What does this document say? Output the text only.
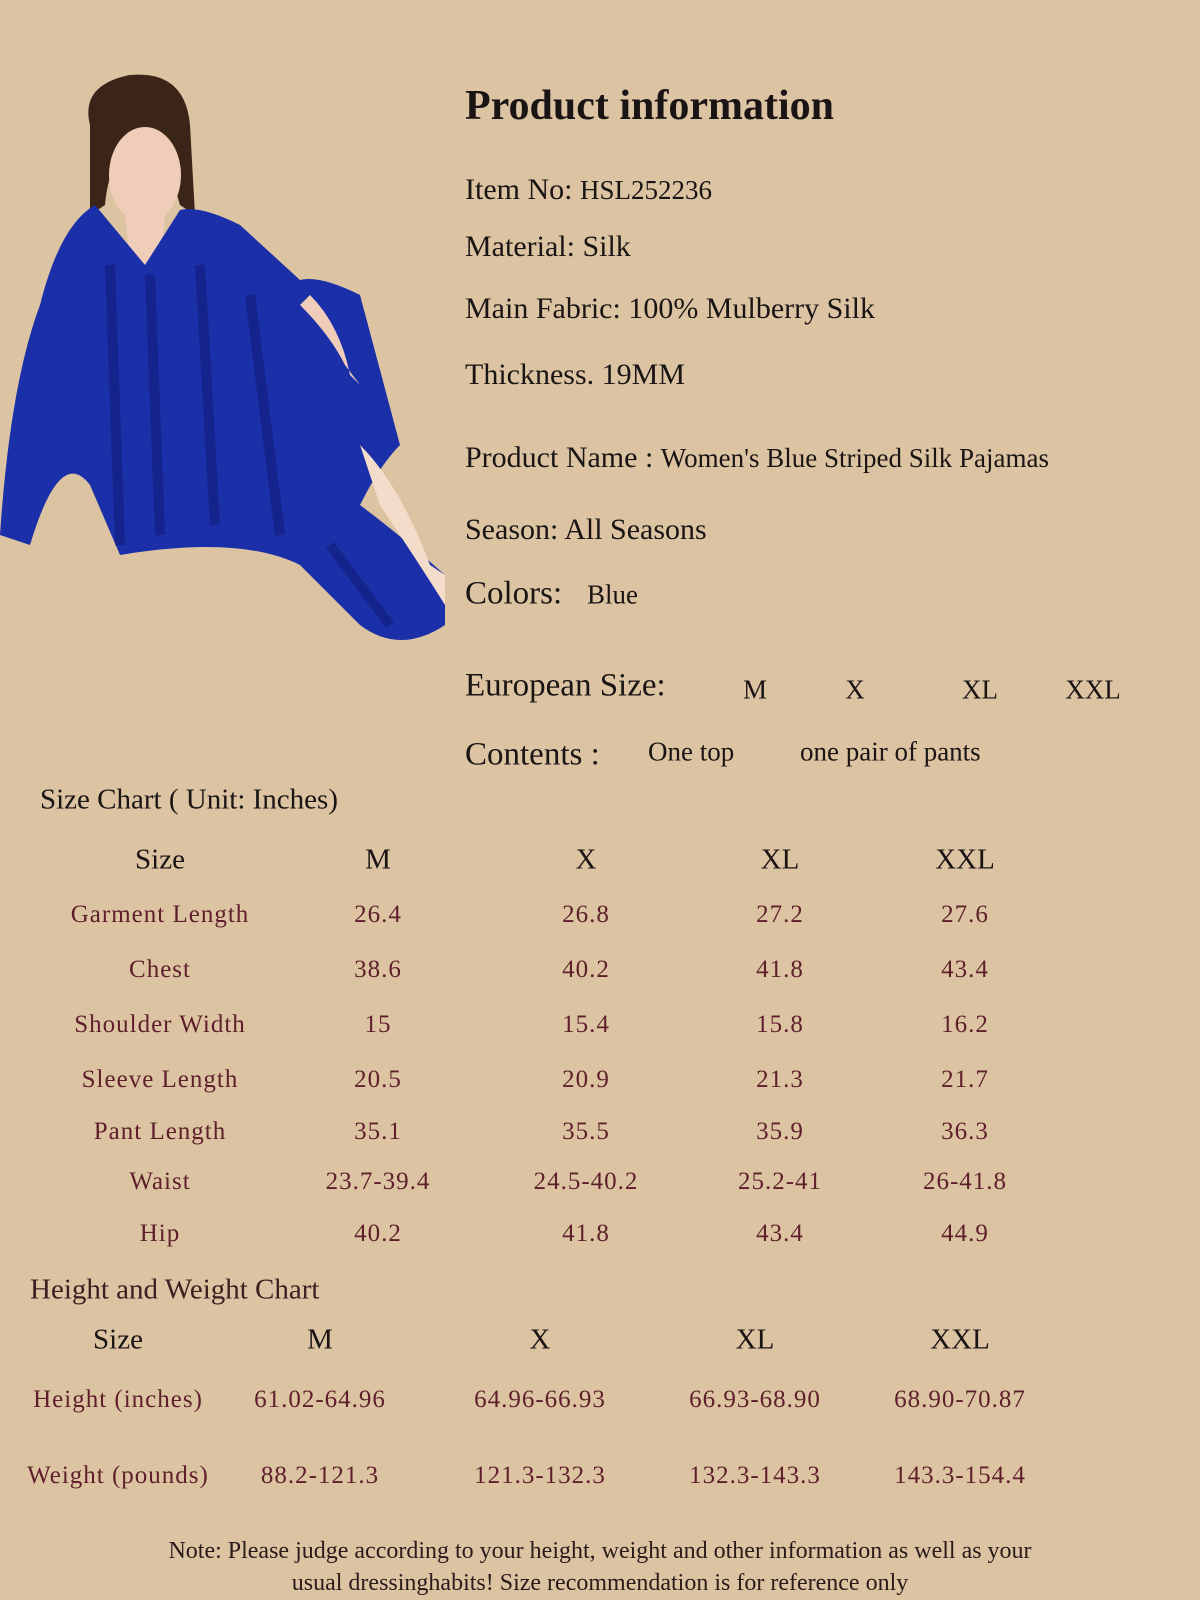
Product information
Item No: HSL252236
Material: Silk
Main Fabric: 100% Mulberry Silk
Thickness. 19MM
Product Name : Women's Blue Striped Silk Pajamas
Season: All Seasons
Colors: Blue
European Size:	M	X	XL XXL
Contents : One top one pair of pants
Size Chart ( Unit: Inches)
Size	M	X	XL	XXL
Garment Length	26.4	26.8	27.2	27.6
Chest	38.6	40.2	41.8	43.4
Shoulder Width	15	15.4	15.8	16.2
Sleeve Length	20.5	20.9	21.3	21.7
Pant Length	35.1	35.5	35.9	36.3
Waist	23.7-39.4	24.5-40.2	25.2-41	26-41.8
Hip	40.2	41.8	43.4	44.9
Height and Weight Chart
Size	M	X	XL	XXL
Height (inches) 61.02-64.96	64.96-66.93	66.93-68.90	68.90-70.87
Weight (pounds) 88.2-121.3	121.3-132.3	132.3-143.3	143.3-154.4
Note: Please judge according to your height, weight and other information as well as your
usual dressinghabits! Size recommendation is for reference only
